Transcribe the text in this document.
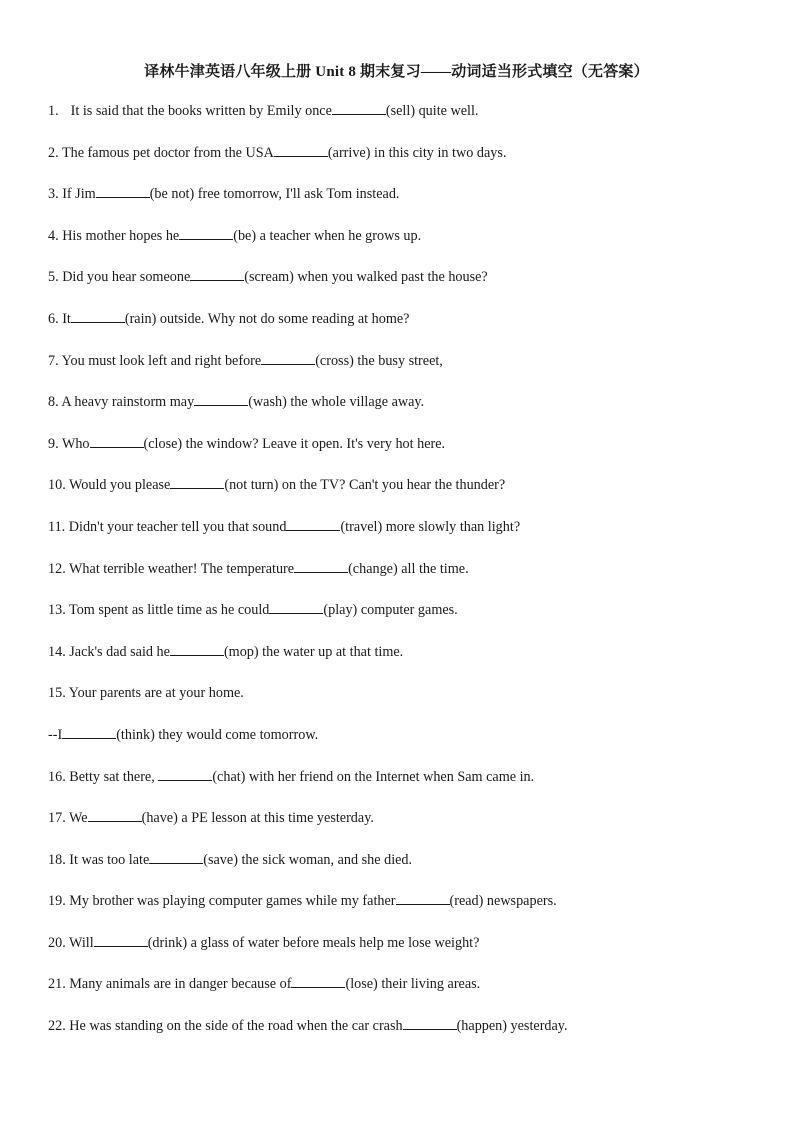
译林牛津英语八年级上册 Unit 8 期末复习——动词适当形式填空（无答案）
1. It is said that the books written by Emily once	(sell) quite well.
2. The famous pet doctor from the USA	(arrive) in this city in two days.
3. If Jim	(be not) free tomorrow, I'll ask Tom instead.
4. His mother hopes he	(be) a teacher when he grows up.
5. Did you hear someone	(scream) when you walked past the house?
6. It	(rain) outside. Why not do some reading at home?
7. You must look left and right before	(cross) the busy street,
8. A heavy rainstorm may	(wash) the whole village away.
9. Who	(close) the window? Leave it open. It's very hot here.
10. Would you please	(not turn) on the TV? Can't you hear the thunder?
11. Didn't your teacher tell you that sound	(travel) more slowly than light?
12. What terrible weather! The temperature	(change) all the time.
13. Tom spent as little time as he could	(play) computer games.
14. Jack's dad said he	(mop) the water up at that time.
15. Your parents are at your home.
--I	(think) they would come tomorrow.
16. Betty sat there,	(chat) with her friend on the Internet when Sam came in.
17. We	(have) a PE lesson at this time yesterday.
18. It was too late	(save) the sick woman, and she died.
19. My brother was playing computer games while my father	(read) newspapers.
20. Will	(drink) a glass of water before meals help me lose weight?
21. Many animals are in danger because of	(lose) their living areas.
22. He was standing on the side of the road when the car crash	(happen) yesterday.
